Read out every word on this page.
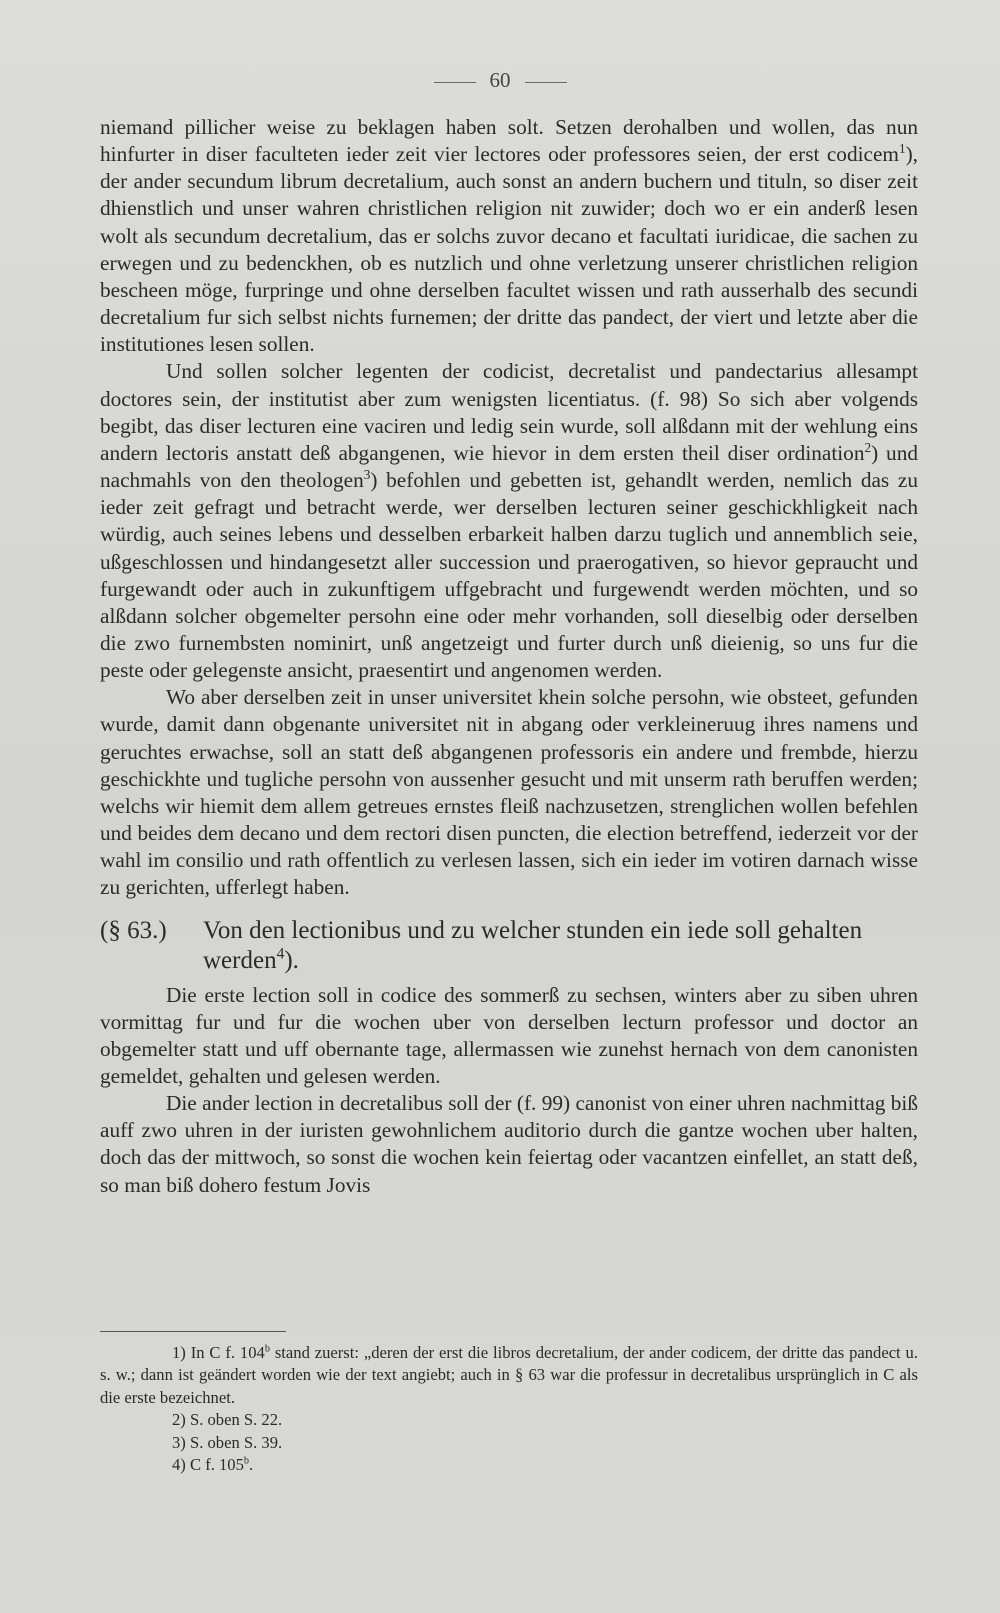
60

niemand pillicher weise zu beklagen haben solt. Setzen derohalben und wollen, das nun hinfurter in diser faculteten ieder zeit vier lectores oder professores seien, der erst codicem$^1$), der ander secundum librum decretalium, auch sonst an andern buchern und tituln, so diser zeit dhienstlich und unser wahren christlichen religion nit zuwider; doch wo er ein anderß lesen wolt als secundum decretalium, das er solchs zuvor decano et facultati iuridicae, die sachen zu erwegen und zu bedenckhen, ob es nutzlich und ohne verletzung unserer christlichen religion bescheen möge, furpringe und ohne derselben facultet wissen und rath ausserhalb des secundi decretalium fur sich selbst nichts furnemen; der dritte das pandect, der viert und letzte aber die institutiones lesen sollen.

Und sollen solcher legenten der codicist, decretalist und pandectarius allesampt doctores sein, der institutist aber zum wenigsten licentiatus. (f. 98) So sich aber volgends begibt, das diser lecturen eine vaciren und ledig sein wurde, soll alßdann mit der wehlung eins andern lectoris anstatt deß abgangenen, wie hievor in dem ersten theil diser ordination$^2$) und nachmahls von den theologen$^3$) befohlen und gebetten ist, gehandlt werden, nemlich das zu ieder zeit gefragt und betracht werde, wer derselben lecturen seiner geschickhligkeit nach würdig, auch seines lebens und desselben erbarkeit halben darzu tuglich und annemblich seie, ußgeschlossen und hindangesetzt aller succession und praerogativen, so hievor gepraucht und furgewandt oder auch in zukunftigem uffgebracht und furgewendt werden möchten, und so alßdann solcher obgemelter persohn eine oder mehr vorhanden, soll dieselbig oder derselben die zwo furnembsten nominirt, unß angetzeigt und furter durch unß dieienig, so uns fur die peste oder gelegenste ansicht, praesentirt und angenomen werden.

Wo aber derselben zeit in unser universitet khein solche persohn, wie obsteet, gefunden wurde, damit dann obgenante universitet nit in abgang oder verkleineruug ihres namens und geruchtes erwachse, soll an statt deß abgangenen professoris ein andere und frembde, hierzu geschickhte und tugliche persohn von aussenher gesucht und mit unserm rath beruffen werden; welchs wir hiemit dem allem getreues ernstes fleiß nachzusetzen, strenglichen wollen befehlen und beides dem decano und dem rectori disen puncten, die election betreffend, iederzeit vor der wahl im consilio und rath offentlich zu verlesen lassen, sich ein ieder im votiren darnach wisse zu gerichten, ufferlegt haben.

(§ 63.)	Von den lectionibus und zu welcher stunden ein iede soll gehalten werden$^4$).

Die erste lection soll in codice des sommerß zu sechsen, winters aber zu siben uhren vormittag fur und fur die wochen uber von derselben lecturn professor und doctor an obgemelter statt und uff obernante tage, allermassen wie zunehst hernach von dem canonisten gemeldet, gehalten und gelesen werden.

Die ander lection in decretalibus soll der (f. 99) canonist von einer uhren nachmittag biß auff zwo uhren in der iuristen gewohnlichem auditorio durch die gantze wochen uber halten, doch das der mittwoch, so sonst die wochen kein feiertag oder vacantzen einfellet, an statt deß, so man biß dohero festum Jovis

1) In C f. 104$^b$ stand zuerst: „deren der erst die libros decretalium, der ander codicem, der dritte das pandect u. s. w.; dann ist geändert worden wie der text angiebt; auch in § 63 war die professur in decretalibus ursprünglich in C als die erste bezeichnet.

2) S. oben S. 22.

3) S. oben S. 39.

4) C f. 105$^b$.
